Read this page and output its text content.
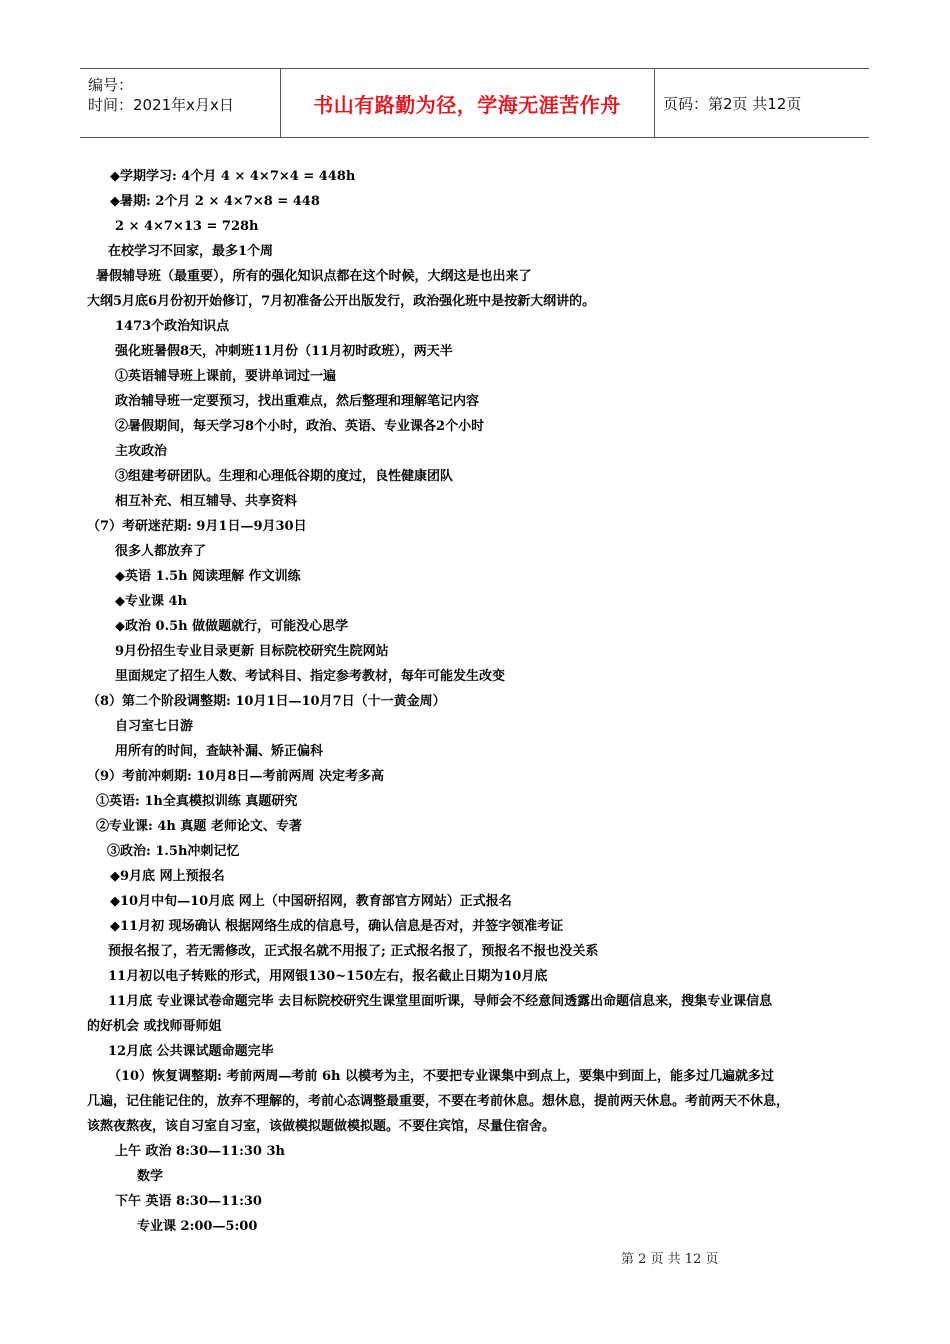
编号：
时间：2021年x月x日	书山有路勤为径，学海无涯苦作舟	页码：第2页 共12页
◆学期学习: 4个月 4 × 4×7×4 = 448h
◆暑期: 2个月 2 × 4×7×8 = 448
2 × 4×7×13 = 728h
在校学习不回家，最多1个周
暑假辅导班（最重要），所有的强化知识点都在这个时候，大纲这是也出来了
大纲5月底6月份初开始修订，7月初准备公开出版发行，政治强化班中是按新大纲讲的。
1473个政治知识点
强化班暑假8天，冲刺班11月份（11月初时政班），两天半
①英语辅导班上课前，要讲单词过一遍
政治辅导班一定要预习，找出重难点，然后整理和理解笔记内容
②暑假期间，每天学习8个小时，政治、英语、专业课各2个小时
主攻政治
③组建考研团队。生理和心理低谷期的度过，良性健康团队
相互补充、相互辅导、共享资料
（7）考研迷茫期: 9月1日—9月30日
很多人都放弃了
◆英语 1.5h 阅读理解 作文训练
◆专业课 4h
◆政治 0.5h 做做题就行，可能没心思学
9月份招生专业目录更新 目标院校研究生院网站
里面规定了招生人数、考试科目、指定参考教材，每年可能发生改变
（8）第二个阶段调整期: 10月1日—10月7日（十一黄金周）
自习室七日游
用所有的时间，查缺补漏、矫正偏科
（9）考前冲刺期: 10月8日—考前两周 决定考多高
①英语: 1h全真模拟训练 真题研究
②专业课: 4h 真题 老师论文、专著
③政治: 1.5h冲刺记忆
◆9月底 网上预报名
◆10月中旬—10月底 网上（中国研招网，教育部官方网站）正式报名
◆11月初 现场确认 根据网络生成的信息号，确认信息是否对，并签字领准考证
预报名报了，若无需修改，正式报名就不用报了; 正式报名报了，预报名不报也没关系
11月初以电子转账的形式，用网银130~150左右，报名截止日期为10月底
11月底 专业课试卷命题完毕 去目标院校研究生课堂里面听课，导师会不经意间透露出命题信息来，搜集专业课信息
的好机会 或找师哥师姐
12月底 公共课试题命题完毕
（10）恢复调整期: 考前两周—考前 6h 以模考为主，不要把专业课集中到点上，要集中到面上，能多过几遍就多过
几遍，记住能记住的，放弃不理解的，考前心态调整最重要，不要在考前休息。想休息，提前两天休息。考前两天不休息，
该熬夜熬夜，该自习室自习室，该做模拟题做模拟题。不要住宾馆，尽量住宿舍。
上午 政治 8:30—11:30 3h
数学
下午 英语 8:30—11:30
专业课 2:00—5:00
第 2 页 共 12 页
